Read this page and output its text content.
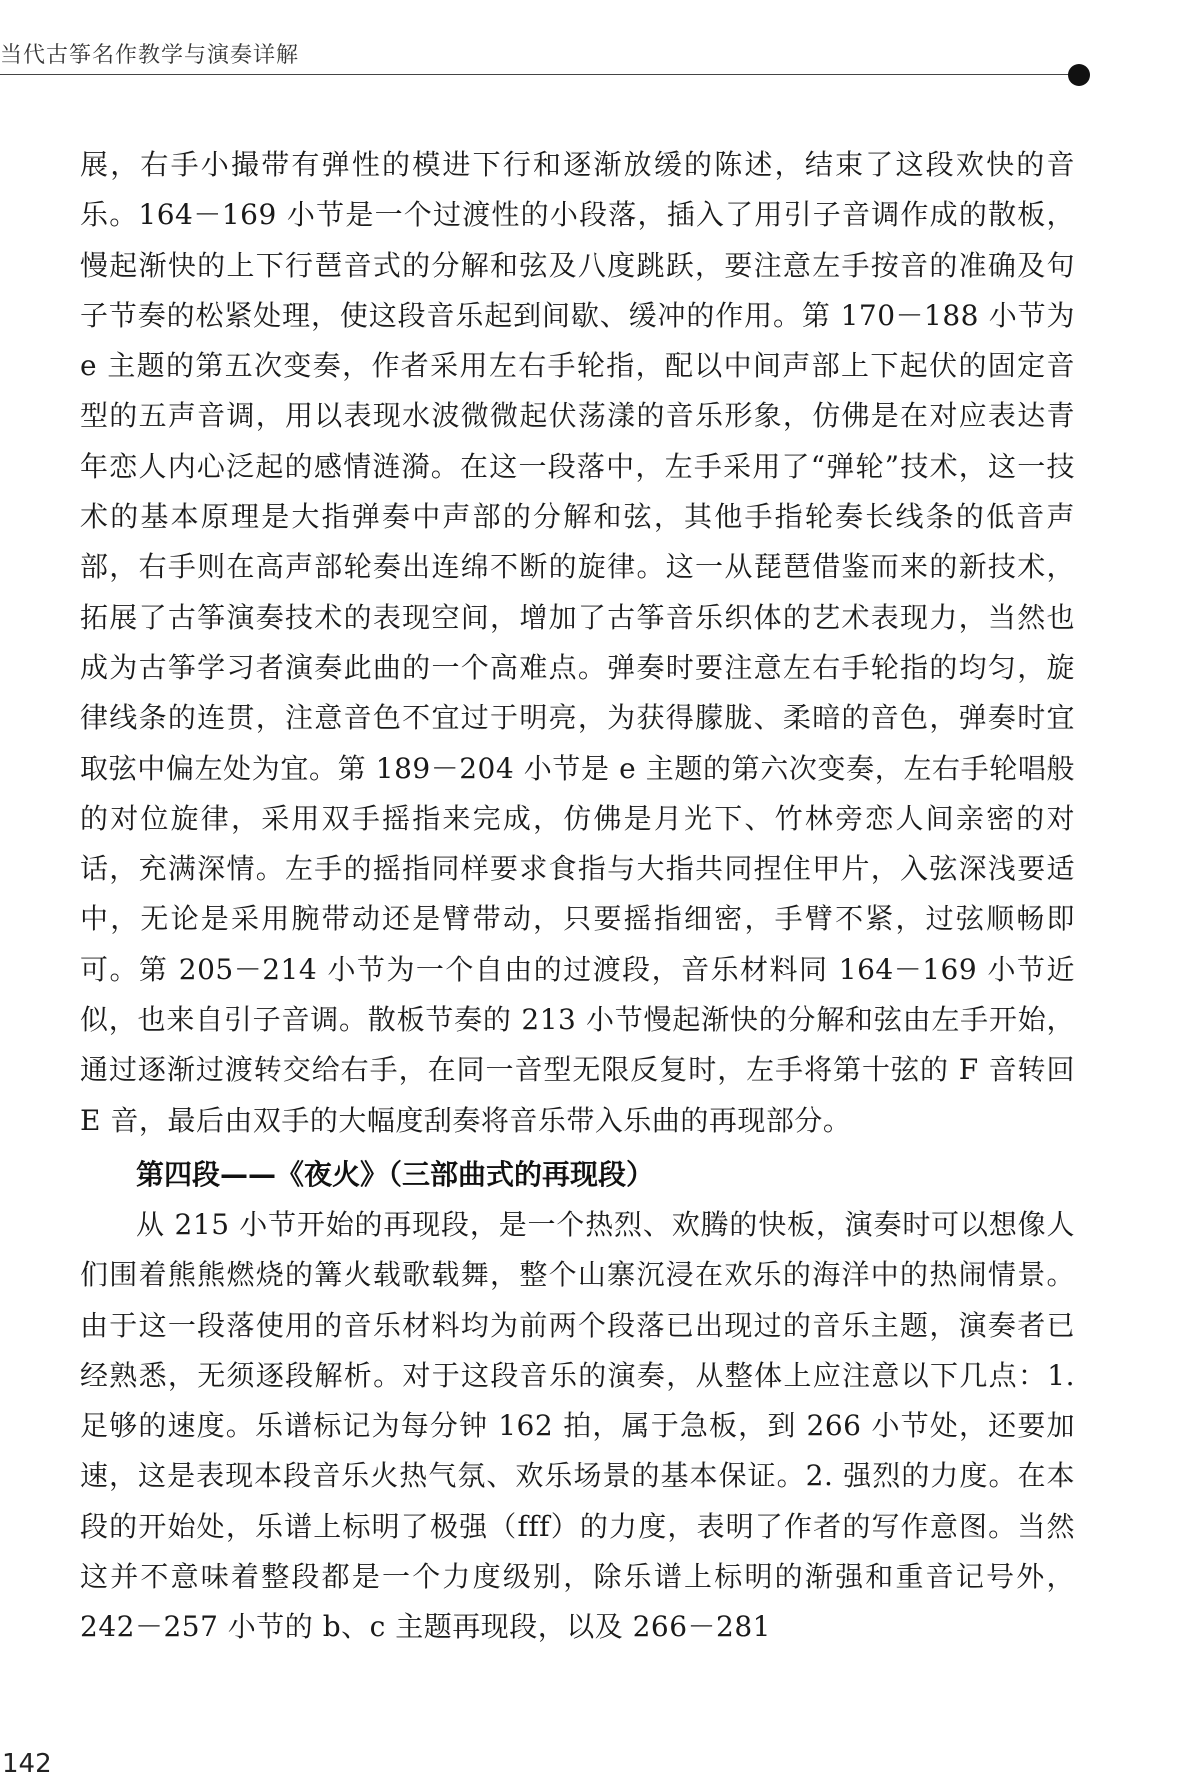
当代古筝名作教学与演奏详解

展，右手小撮带有弹性的模进下行和逐渐放缓的陈述，结束了这段欢快的音乐。164－169 小节是一个过渡性的小段落，插入了用引子音调作成的散板，慢起渐快的上下行琶音式的分解和弦及八度跳跃，要注意左手按音的准确及句子节奏的松紧处理，使这段音乐起到间歇、缓冲的作用。第 170－188 小节为 e 主题的第五次变奏，作者采用左右手轮指，配以中间声部上下起伏的固定音型的五声音调，用以表现水波微微起伏荡漾的音乐形象，仿佛是在对应表达青年恋人内心泛起的感情涟漪。在这一段落中，左手采用了“弹轮”技术，这一技术的基本原理是大指弹奏中声部的分解和弦，其他手指轮奏长线条的低音声部，右手则在高声部轮奏出连绵不断的旋律。这一从琵琶借鉴而来的新技术，拓展了古筝演奏技术的表现空间，增加了古筝音乐织体的艺术表现力，当然也成为古筝学习者演奏此曲的一个高难点。弹奏时要注意左右手轮指的均匀，旋律线条的连贯，注意音色不宜过于明亮，为获得朦胧、柔暗的音色，弹奏时宜取弦中偏左处为宜。第 189－204 小节是 e 主题的第六次变奏，左右手轮唱般的对位旋律，采用双手摇指来完成，仿佛是月光下、竹林旁恋人间亲密的对话，充满深情。左手的摇指同样要求食指与大指共同捏住甲片，入弦深浅要适中，无论是采用腕带动还是臂带动，只要摇指细密，手臂不紧，过弦顺畅即可。第 205－214 小节为一个自由的过渡段，音乐材料同 164－169 小节近似，也来自引子音调。散板节奏的 213 小节慢起渐快的分解和弦由左手开始，通过逐渐过渡转交给右手，在同一音型无限反复时，左手将第十弦的 F 音转回 E 音，最后由双手的大幅度刮奏将音乐带入乐曲的再现部分。

第四段——《夜火》（三部曲式的再现段）

从 215 小节开始的再现段，是一个热烈、欢腾的快板，演奏时可以想像人们围着熊熊燃烧的篝火载歌载舞，整个山寨沉浸在欢乐的海洋中的热闹情景。由于这一段落使用的音乐材料均为前两个段落已出现过的音乐主题，演奏者已经熟悉，无须逐段解析。对于这段音乐的演奏，从整体上应注意以下几点：1. 足够的速度。乐谱标记为每分钟 162 拍，属于急板，到 266 小节处，还要加速，这是表现本段音乐火热气氛、欢乐场景的基本保证。2. 强烈的力度。在本段的开始处，乐谱上标明了极强（fff）的力度，表明了作者的写作意图。当然这并不意味着整段都是一个力度级别，除乐谱上标明的渐强和重音记号外，242－257 小节的 b、c 主题再现段，以及 266－281

142
